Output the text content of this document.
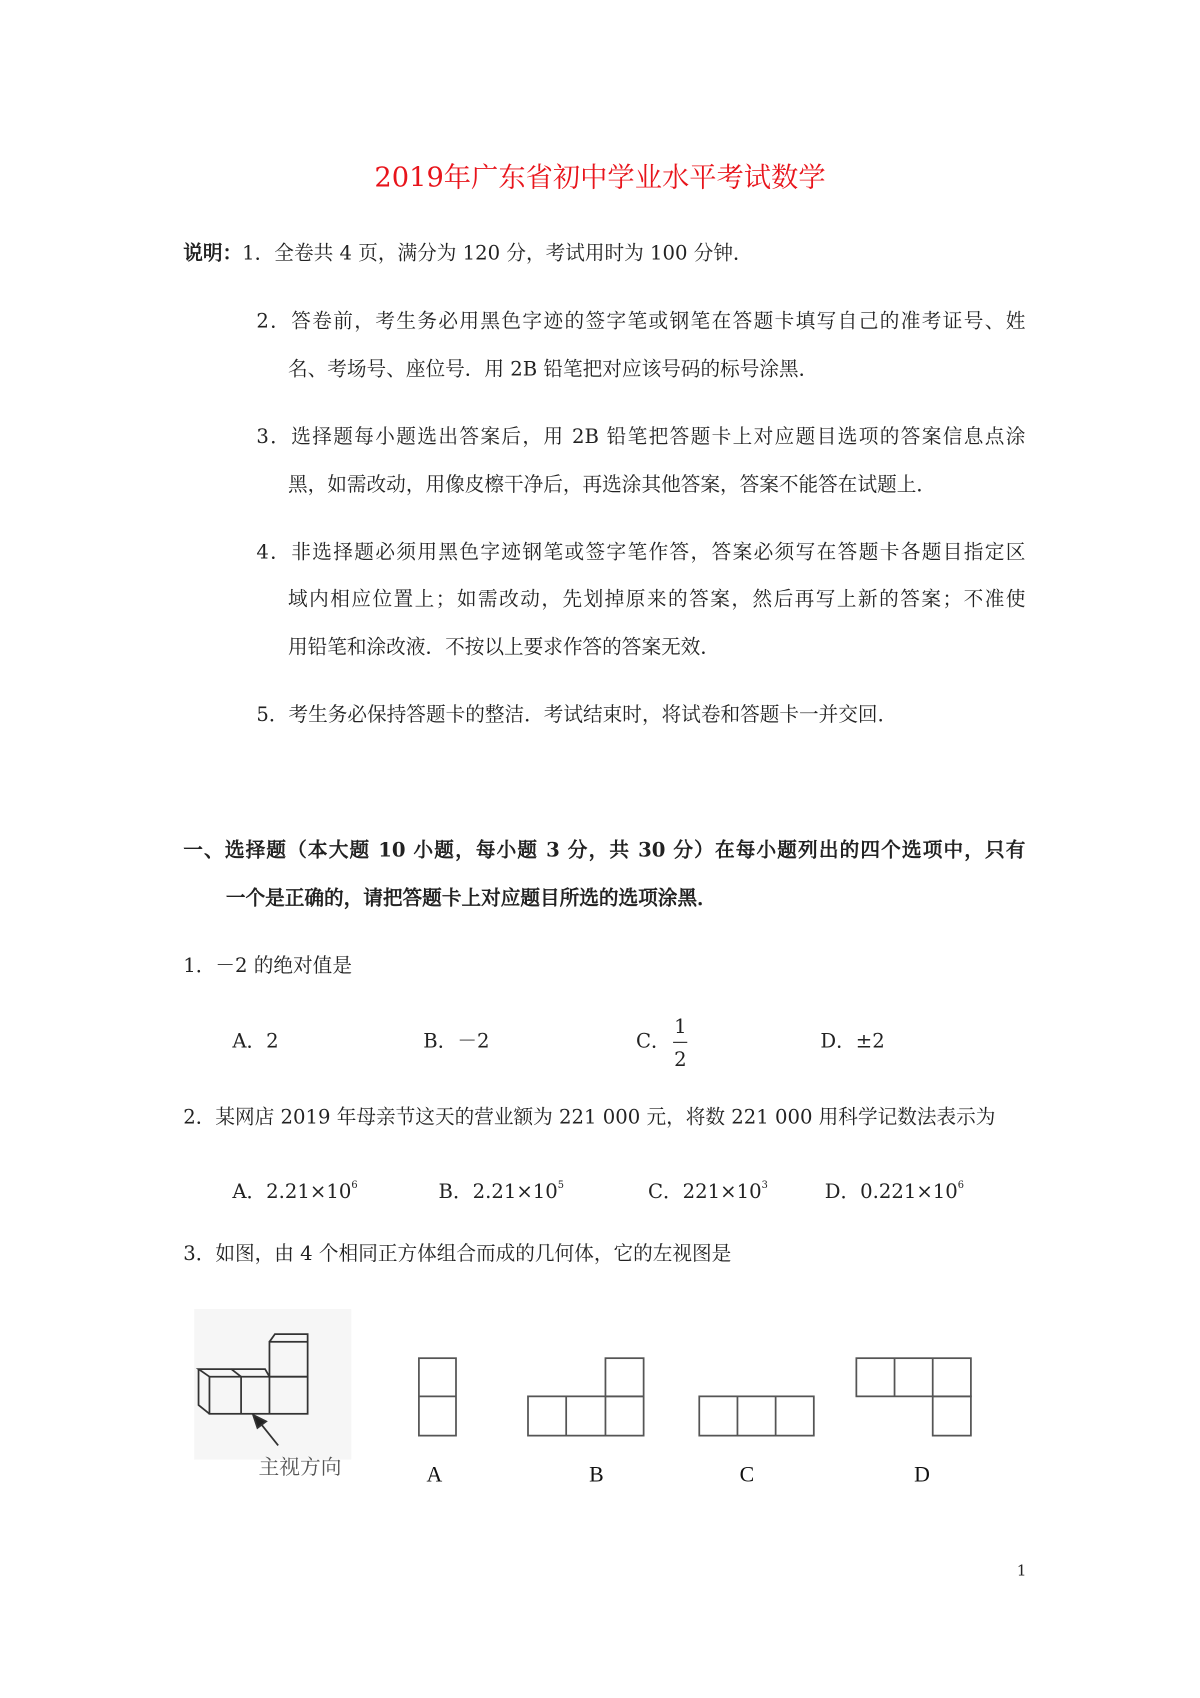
2019年广东省初中学业水平考试数学
说明： 1．全卷共 4 页，满分为 120 分，考试用时为 100 分钟．
2．答卷前，考生务必用黑色字迹的签字笔或钢笔在答题卡填写自己的准考证号、姓
名、考场号、座位号．用 2B 铅笔把对应该号码的标号涂黑．
3．选择题每小题选出答案后，用 2B 铅笔把答题卡上对应题目选项的答案信息点涂
黑，如需改动，用像皮檫干净后，再选涂其他答案，答案不能答在试题上．
4．非选择题必须用黑色字迹钢笔或签字笔作答，答案必须写在答题卡各题目指定区
域内相应位置上；如需改动，先划掉原来的答案，然后再写上新的答案；不准使
用铅笔和涂改液．不按以上要求作答的答案无效．
5．考生务必保持答题卡的整洁．考试结束时，将试卷和答题卡一并交回．
一、选择题（本大题 10 小题，每小题 3 分，共 30 分）在每小题列出的四个选项中，只有
一个是正确的，请把答题卡上对应题目所选的选项涂黑．
1．－2 的绝对值是
A．2	B．－2	C．
1
2
D．±2
2．某网店 2019 年母亲节这天的营业额为 221 000 元，将数 221 000 用科学记数法表示为
A．$2.21\times 10^6$	B．$2.21\times 10^5$	C．$221\times 10^3$	D．$0.221\times 10^6$
3．如图，由 4 个相同正方体组合而成的几何体，它的左视图是
主视方向	A	B	C	D
1
